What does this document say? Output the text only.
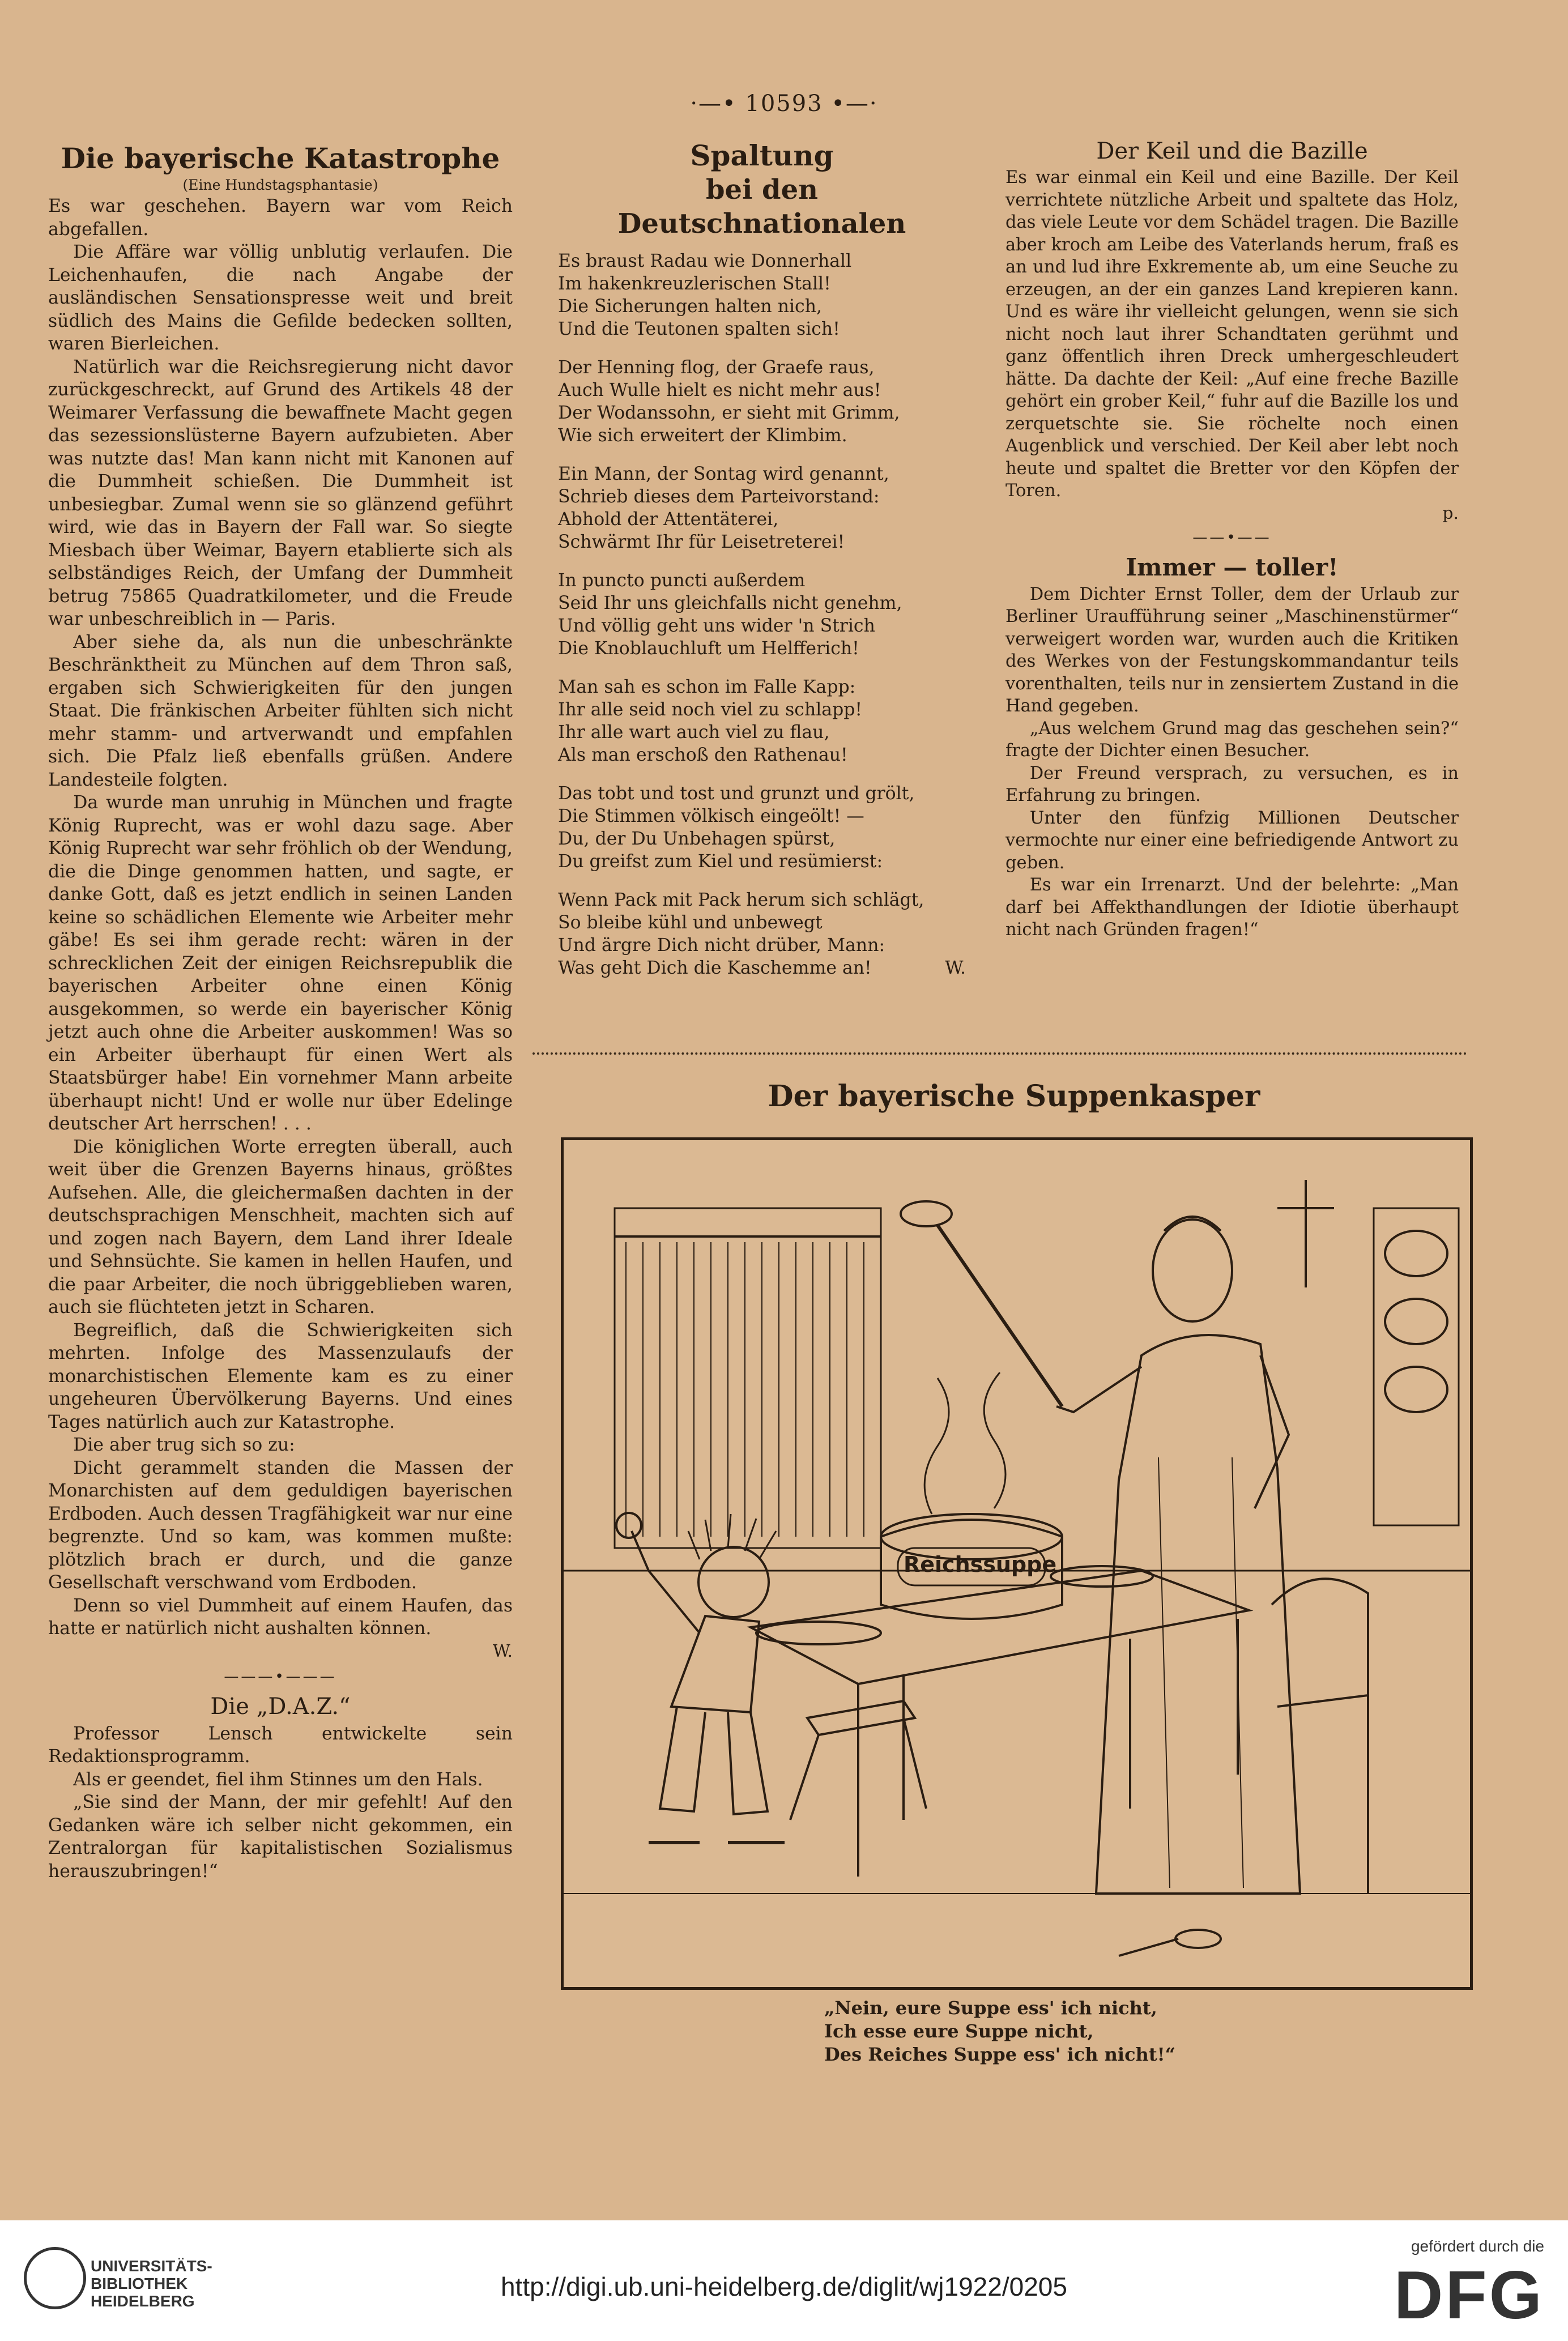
·—• 10593 •—·
Die bayerische Katastrophe
(Eine Hundstagsphantasie)

Es war geschehen. Bayern war vom Reich abgefallen.

Die Affäre war völlig unblutig verlaufen. Die Leichenhaufen, die nach Angabe der ausländischen Sensationspresse weit und breit südlich des Mains die Gefilde bedecken sollten, waren Bierleichen.

Natürlich war die Reichsregierung nicht davor zurückgeschreckt, auf Grund des Artikels 48 der Weimarer Verfassung die bewaffnete Macht gegen das sezessionslüsterne Bayern aufzubieten. Aber was nutzte das! Man kann nicht mit Kanonen auf die Dummheit schießen. Die Dummheit ist unbesiegbar. Zumal wenn sie so glänzend geführt wird, wie das in Bayern der Fall war. So siegte Miesbach über Weimar, Bayern etablierte sich als selbständiges Reich, der Umfang der Dummheit betrug 75865 Quadratkilometer, und die Freude war unbeschreiblich in — Paris.

Aber siehe da, als nun die unbeschränkte Beschränktheit zu München auf dem Thron saß, ergaben sich Schwierigkeiten für den jungen Staat. Die fränkischen Arbeiter fühlten sich nicht mehr stamm- und artverwandt und empfahlen sich. Die Pfalz ließ ebenfalls grüßen. Andere Landesteile folgten.

Da wurde man unruhig in München und fragte König Ruprecht, was er wohl dazu sage. Aber König Ruprecht war sehr fröhlich ob der Wendung, die die Dinge genommen hatten, und sagte, er danke Gott, daß es jetzt endlich in seinen Landen keine so schädlichen Elemente wie Arbeiter mehr gäbe! Es sei ihm gerade recht: wären in der schrecklichen Zeit der einigen Reichsrepublik die bayerischen Arbeiter ohne einen König ausgekommen, so werde ein bayerischer König jetzt auch ohne die Arbeiter auskommen! Was so ein Arbeiter überhaupt für einen Wert als Staatsbürger habe! Ein vornehmer Mann arbeite überhaupt nicht! Und er wolle nur über Edelinge deutscher Art herrschen! . . .

Die königlichen Worte erregten überall, auch weit über die Grenzen Bayerns hinaus, größtes Aufsehen. Alle, die gleichermaßen dachten in der deutschsprachigen Menschheit, machten sich auf und zogen nach Bayern, dem Land ihrer Ideale und Sehnsüchte. Sie kamen in hellen Haufen, und die paar Arbeiter, die noch übriggeblieben waren, auch sie flüchteten jetzt in Scharen.

Begreiflich, daß die Schwierigkeiten sich mehrten. Infolge des Massenzulaufs der monarchistischen Elemente kam es zu einer ungeheuren Übervölkerung Bayerns. Und eines Tages natürlich auch zur Katastrophe.

Die aber trug sich so zu:

Dicht gerammelt standen die Massen der Monarchisten auf dem geduldigen bayerischen Erdboden. Auch dessen Tragfähigkeit war nur eine begrenzte. Und so kam, was kommen mußte: plötzlich brach er durch, und die ganze Gesellschaft verschwand vom Erdboden.

Denn so viel Dummheit auf einem Haufen, das hatte er natürlich nicht aushalten können.

W.
———•———
Die „D.A.Z.“

Professor Lensch entwickelte sein Redaktionsprogramm.

Als er geendet, fiel ihm Stinnes um den Hals.

„Sie sind der Mann, der mir gefehlt! Auf den Gedanken wäre ich selber nicht gekommen, ein Zentralorgan für kapitalistischen Sozialismus herauszubringen!“

Spaltung
bei den Deutschnationalen
Es braust Radau wie Donnerhall
Im hakenkreuzlerischen Stall!
Die Sicherungen halten nich,
Und die Teutonen spalten sich!
Der Henning flog, der Graefe raus,
Auch Wulle hielt es nicht mehr aus!
Der Wodanssohn, er sieht mit Grimm,
Wie sich erweitert der Klimbim.
Ein Mann, der Sontag wird genannt,
Schrieb dieses dem Parteivorstand:
Abhold der Attentäterei,
Schwärmt Ihr für Leisetreterei!
In puncto puncti außerdem
Seid Ihr uns gleichfalls nicht genehm,
Und völlig geht uns wider 'n Strich
Die Knoblauchluft um Helfferich!
Man sah es schon im Falle Kapp:
Ihr alle seid noch viel zu schlapp!
Ihr alle wart auch viel zu flau,
Als man erschoß den Rathenau!
Das tobt und tost und grunzt und grölt,
Die Stimmen völkisch eingeölt! —
Du, der Du Unbehagen spürst,
Du greifst zum Kiel und resümierst:
Wenn Pack mit Pack herum sich schlägt,
So bleibe kühl und unbewegt
Und ärgre Dich nicht drüber, Mann:
Was geht Dich die Kaschemme an!	W.
Der Keil und die Bazille

Es war einmal ein Keil und eine Bazille. Der Keil verrichtete nützliche Arbeit und spaltete das Holz, das viele Leute vor dem Schädel tragen. Die Bazille aber kroch am Leibe des Vaterlands herum, fraß es an und lud ihre Exkremente ab, um eine Seuche zu erzeugen, an der ein ganzes Land krepieren kann. Und es wäre ihr vielleicht gelungen, wenn sie sich nicht noch laut ihrer Schandtaten gerühmt und ganz öffentlich ihren Dreck umhergeschleudert hätte. Da dachte der Keil: „Auf eine freche Bazille gehört ein grober Keil,“ fuhr auf die Bazille los und zerquetschte sie. Sie röchelte noch einen Augenblick und verschied. Der Keil aber lebt noch heute und spaltet die Bretter vor den Köpfen der Toren.

p.
——•——
Immer — toller!

Dem Dichter Ernst Toller, dem der Urlaub zur Berliner Uraufführung seiner „Maschinenstürmer“ verweigert worden war, wurden auch die Kritiken des Werkes von der Festungskommandantur teils vorenthalten, teils nur in zensiertem Zustand in die Hand gegeben.

„Aus welchem Grund mag das geschehen sein?“ fragte der Dichter einen Besucher.

Der Freund versprach, zu versuchen, es in Erfahrung zu bringen.

Unter den fünfzig Millionen Deutscher vermochte nur einer eine befriedigende Antwort zu geben.

Es war ein Irrenarzt. Und der belehrte: „Man darf bei Affekthandlungen der Idiotie überhaupt nicht nach Gründen fragen!“

Der bayerische Suppenkasper
Reichssuppe
„Nein, eure Suppe ess' ich nicht,
Ich esse eure Suppe nicht,
Des Reiches Suppe ess' ich nicht!“
UNIVERSITÄTS-
BIBLIOTHEK
HEIDELBERG	http://digi.ub.uni-heidelberg.de/diglit/wj1922/0205
gefördert durch die
DFG
